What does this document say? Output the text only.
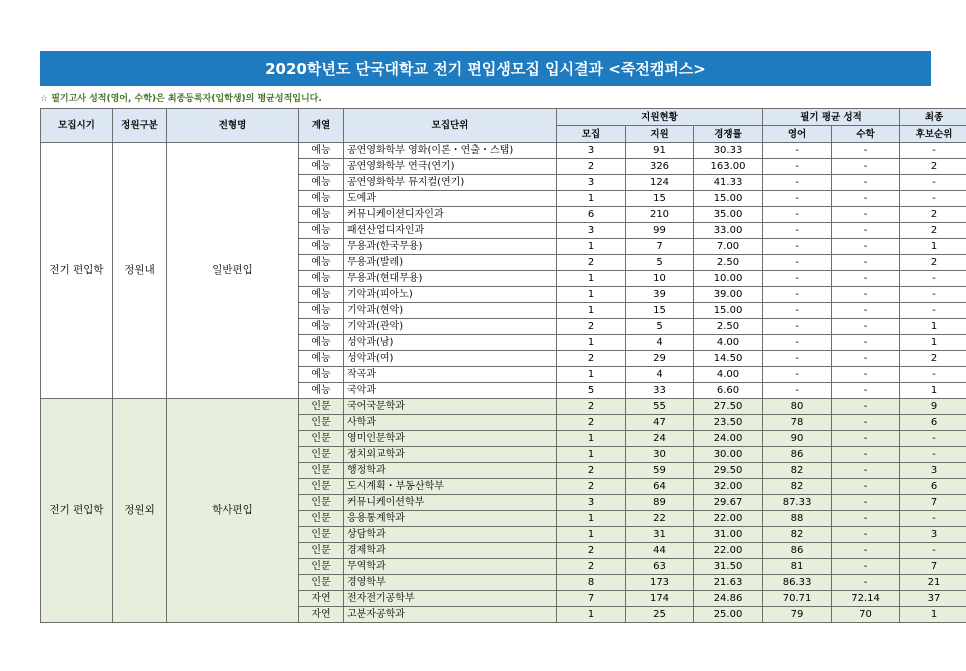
2020학년도 단국대학교 전기 편입생모집 입시결과 <죽전캠퍼스>
☆ 필기고사 성적(영어, 수학)은 최종등록자(입학생)의 평균성적입니다.
모집시기	정원구분	전형명	계열	모집단위	지원현황			필기 평균 성적		최종
					모집	지원	경쟁률	영어	수학	후보순위
전기 편입학	정원내	일반편입	예능	공연영화학부 영화(이론・연출・스탭)	3	91	30.33	-	-	-
			예능	공연영화학부 연극(연기)	2	326	163.00	-	-	2
			예능	공연영화학부 뮤지컬(연기)	3	124	41.33	-	-	-
			예능	도예과	1	15	15.00	-	-	-
			예능	커뮤니케이션디자인과	6	210	35.00	-	-	2
			예능	패션산업디자인과	3	99	33.00	-	-	2
			예능	무용과(한국무용)	1	7	7.00	-	-	1
			예능	무용과(발레)	2	5	2.50	-	-	2
			예능	무용과(현대무용)	1	10	10.00	-	-	-
			예능	기악과(피아노)	1	39	39.00	-	-	-
			예능	기악과(현악)	1	15	15.00	-	-	-
			예능	기악과(관악)	2	5	2.50	-	-	1
			예능	성악과(남)	1	4	4.00	-	-	1
			예능	성악과(여)	2	29	14.50	-	-	2
			예능	작곡과	1	4	4.00	-	-	-
			예능	국악과	5	33	6.60	-	-	1
전기 편입학	정원외	학사편입	인문	국어국문학과	2	55	27.50	80	-	9
			인문	사학과	2	47	23.50	78	-	6
			인문	영미인문학과	1	24	24.00	90	-	-
			인문	정치외교학과	1	30	30.00	86	-	-
			인문	행정학과	2	59	29.50	82	-	3
			인문	도시계획・부동산학부	2	64	32.00	82	-	6
			인문	커뮤니케이션학부	3	89	29.67	87.33	-	7
			인문	응용통계학과	1	22	22.00	88	-	-
			인문	상담학과	1	31	31.00	82	-	3
			인문	경제학과	2	44	22.00	86	-	-
			인문	무역학과	2	63	31.50	81	-	7
			인문	경영학부	8	173	21.63	86.33	-	21
			자연	전자전기공학부	7	174	24.86	70.71	72.14	37
			자연	고분자공학과	1	25	25.00	79	70	1
